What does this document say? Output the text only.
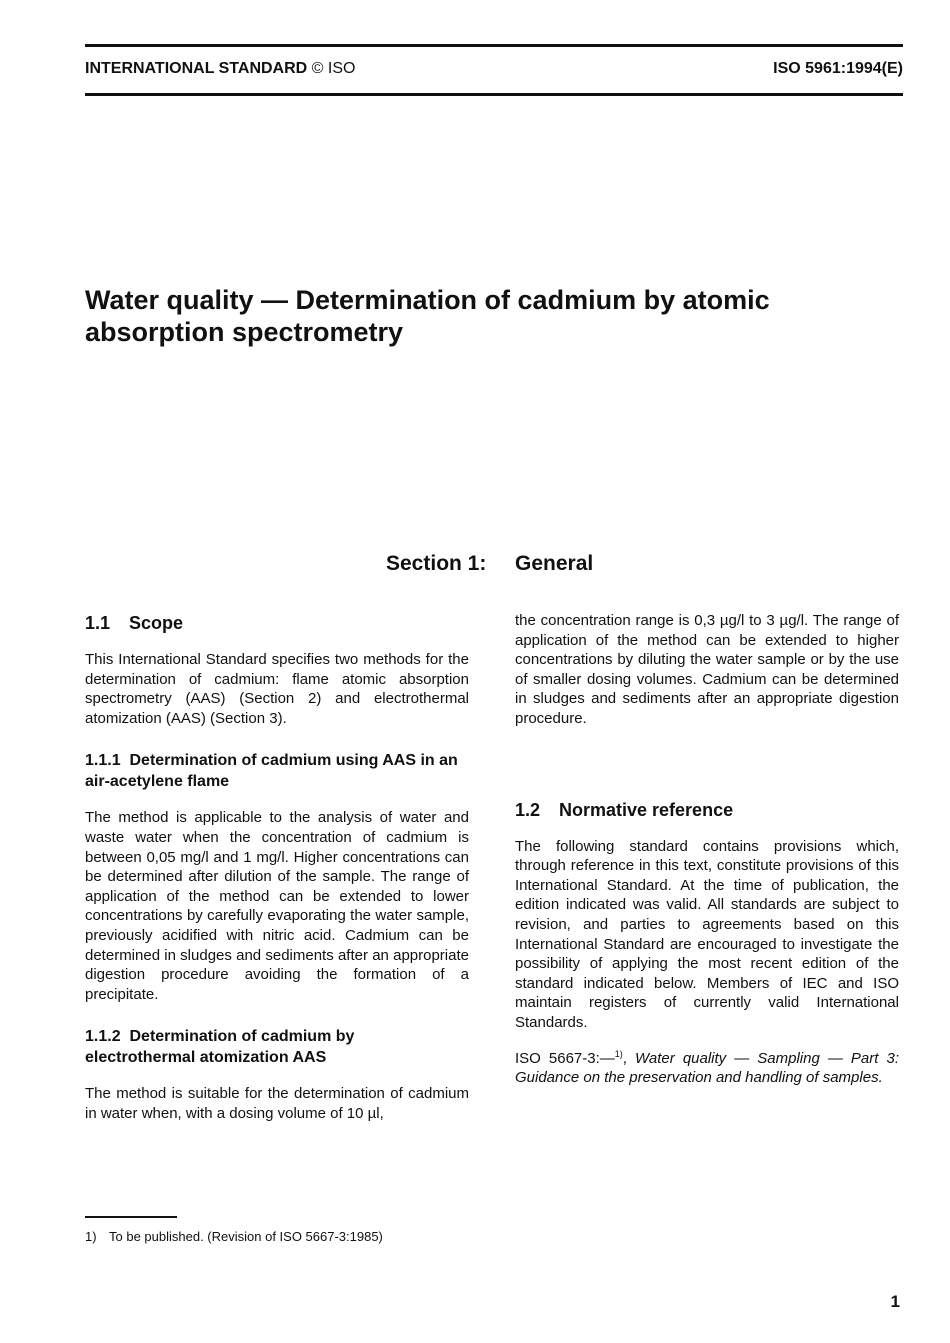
INTERNATIONAL STANDARD © ISO	ISO 5961:1994(E)
Water quality — Determination of cadmium by atomic absorption spectrometry
Section 1: General
1.1 Scope

This International Standard specifies two methods for the determination of cadmium: flame atomic absorption spectrometry (AAS) (Section 2) and electrothermal atomization (AAS) (Section 3).

1.1.1 Determination of cadmium using AAS in an air-acetylene flame

The method is applicable to the analysis of water and waste water when the concentration of cadmium is between 0,05 mg/l and 1 mg/l. Higher concentrations can be determined after dilution of the sample. The range of application of the method can be extended to lower concentrations by carefully evaporating the water sample, previously acidified with nitric acid. Cadmium can be determined in sludges and sediments after an appropriate digestion procedure avoiding the formation of a precipitate.

1.1.2 Determination of cadmium by electrothermal atomization AAS

The method is suitable for the determination of cadmium in water when, with a dosing volume of 10 µl,

the concentration range is 0,3 µg/l to 3 µg/l. The range of application of the method can be extended to higher concentrations by diluting the water sample or by the use of smaller dosing volumes. Cadmium can be determined in sludges and sediments after an appropriate digestion procedure.

1.2 Normative reference

The following standard contains provisions which, through reference in this text, constitute provisions of this International Standard. At the time of publication, the edition indicated was valid. All standards are subject to revision, and parties to agreements based on this International Standard are encouraged to investigate the possibility of applying the most recent edition of the standard indicated below. Members of IEC and ISO maintain registers of currently valid International Standards.

ISO 5667-3:—$^{1)}$, Water quality — Sampling — Part 3: Guidance on the preservation and handling of samples.

1) To be published. (Revision of ISO 5667-3:1985)
1
